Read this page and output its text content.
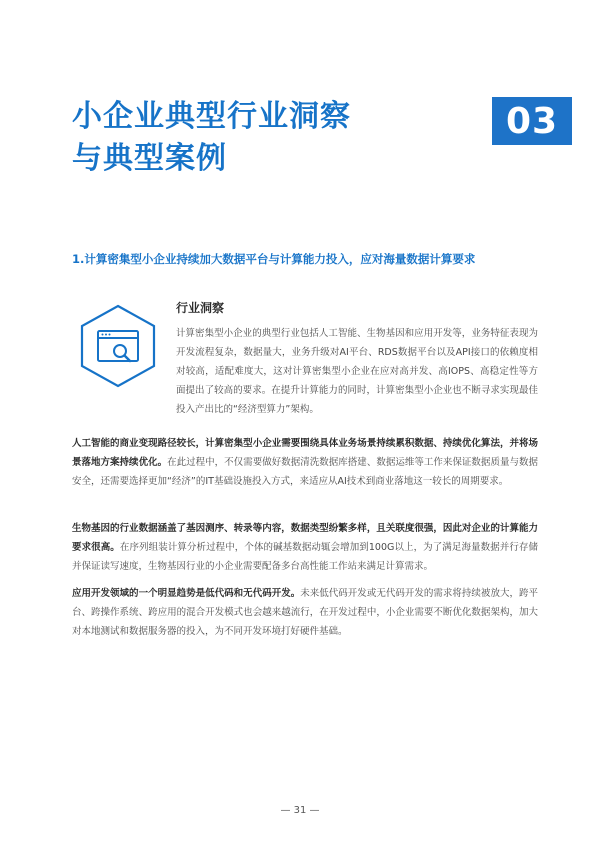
小企业典型行业洞察
与典型案例
03
1.计算密集型小企业持续加大数据平台与计算能力投入，应对海量数据计算要求
行业洞察
计算密集型小企业的典型行业包括人工智能、生物基因和应用开发等，业务特征表现为开发流程复杂，数据量大，业务升级对AI平台、RDS数据平台以及API接口的依赖度相对较高，适配难度大，这对计算密集型小企业在应对高并发、高IOPS、高稳定性等方面提出了较高的要求。在提升计算能力的同时，计算密集型小企业也不断寻求实现最佳投入产出比的“经济型算力”架构。
人工智能的商业变现路径较长，计算密集型小企业需要围绕具体业务场景持续累积数据、持续优化算法，并将场景落地方案持续优化。在此过程中，不仅需要做好数据清洗数据库搭建、数据运维等工作来保证数据质量与数据安全，还需要选择更加“经济”的IT基础设施投入方式，来适应从AI技术到商业落地这一较长的周期要求。
生物基因的行业数据涵盖了基因测序、转录等内容，数据类型纷繁多样，且关联度很强，因此对企业的计算能力要求很高。在序列组装计算分析过程中，个体的碱基数据动辄会增加到100G以上，为了满足海量数据并行存储并保证读写速度，生物基因行业的小企业需要配备多台高性能工作站来满足计算需求。
应用开发领域的一个明显趋势是低代码和无代码开发。未来低代码开发或无代码开发的需求将持续被放大，跨平台、跨操作系统、跨应用的混合开发模式也会越来越流行，在开发过程中，小企业需要不断优化数据架构，加大对本地测试和数据服务器的投入，为不同开发环境打好硬件基础。
— 31 —
